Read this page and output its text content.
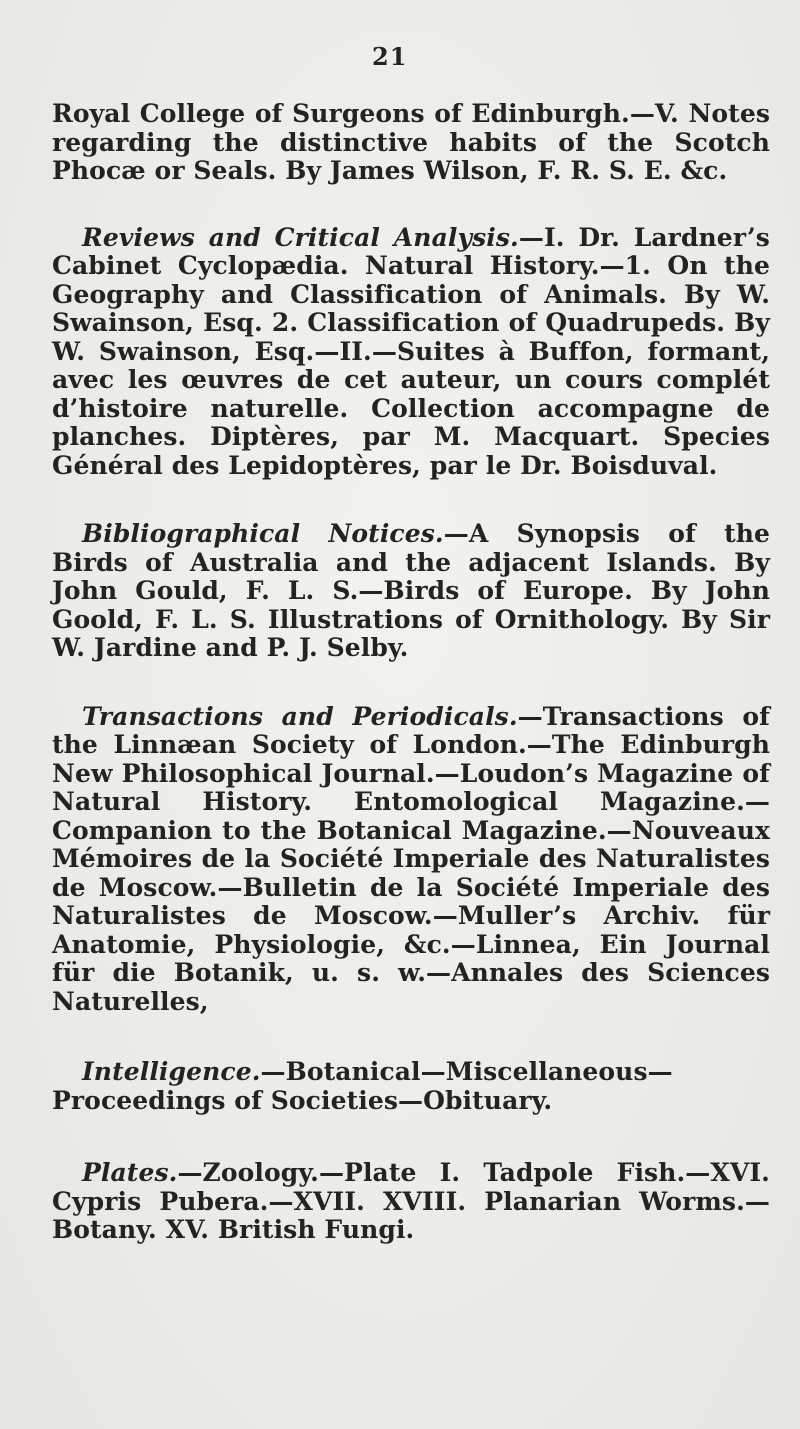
21

Royal College of Surgeons of Edinburgh.—V. Notes regarding the distinctive habits of the Scotch Phocæ or Seals. By James Wilson, F. R. S. E. &c.

Reviews and Critical Analysis.—I. Dr. Lardner’s Cabinet Cyclopædia. Natural History.—1. On the Geography and Classification of Animals. By W. Swainson, Esq. 2. Classification of Quadrupeds. By W. Swainson, Esq.—II.—Suites à Buffon, formant, avec les œuvres de cet auteur, un cours complét d’histoire naturelle. Collection accompagne de planches. Diptères, par M. Macquart. Species Général des Lepidoptères, par le Dr. Boisduval.

Bibliographical Notices.—A Synopsis of the Birds of Australia and the adjacent Islands. By John Gould, F. L. S.—Birds of Europe. By John Goold, F. L. S. Illustrations of Ornithology. By Sir W. Jardine and P. J. Selby.

Transactions and Periodicals.—Transactions of the Linnæan Society of London.—The Edinburgh New Philosophical Journal.—Loudon’s Magazine of Natural History. Entomological Magazine.—Companion to the Botanical Magazine.—Nouveaux Mémoires de la Société Imperiale des Naturalistes de Moscow.—Bulletin de la Société Imperiale des Naturalistes de Moscow.—Muller’s Archiv. für Anatomie, Physiologie, &c.—Linnea, Ein Journal für die Botanik, u. s. w.—Annales des Sciences Naturelles,

Intelligence.—Botanical—Miscellaneous—Proceedings of Societies—Obituary.

Plates.—Zoology.—Plate I. Tadpole Fish.—XVI. Cypris Pubera.—XVII. XVIII. Planarian Worms.—Botany. XV. British Fungi.
